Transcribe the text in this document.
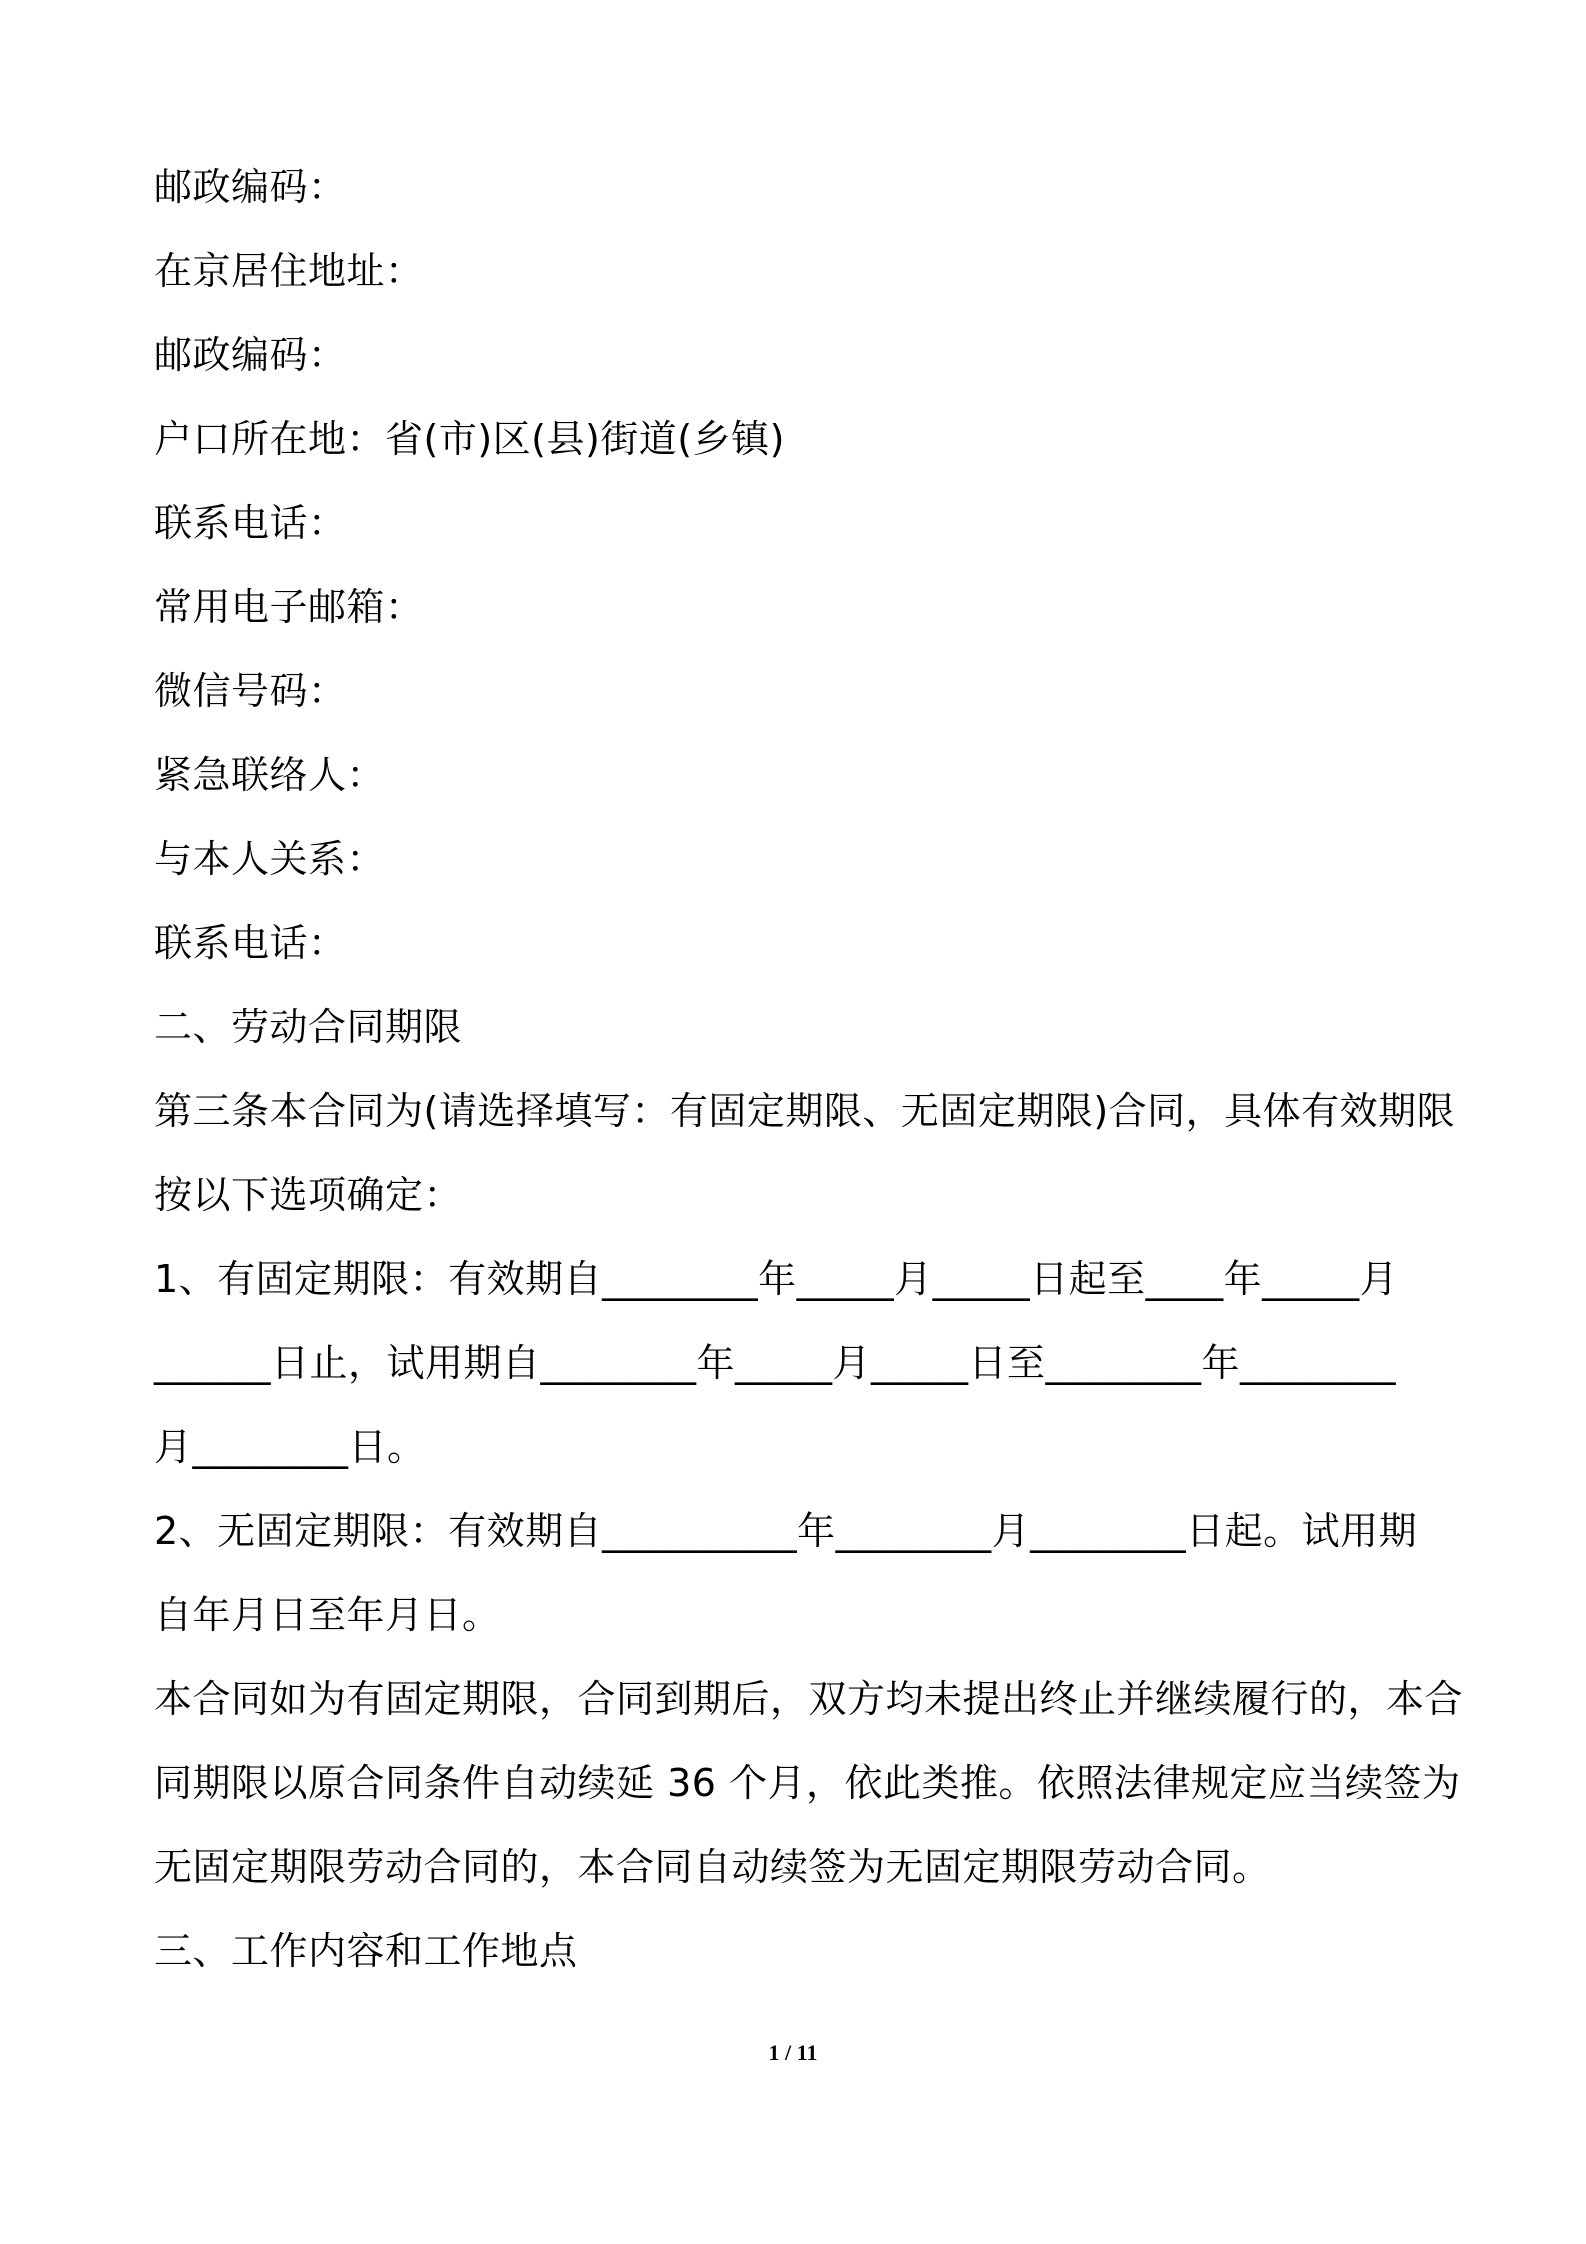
邮政编码：
在京居住地址：
邮政编码：
户口所在地：省(市)区(县)街道(乡镇)
联系电话：
常用电子邮箱：
微信号码：
紧急联络人：
与本人关系：
联系电话：
二、劳动合同期限
第三条本合同为(请选择填写：有固定期限、无固定期限)合同，具体有效期限
按以下选项确定：
1、有固定期限：有效期自________年_____月_____日起至____年_____月
______日止，试用期自________年_____月_____日至________年________
月________日。
2、无固定期限：有效期自__________年________月________日起。试用期
自年月日至年月日。
本合同如为有固定期限，合同到期后，双方均未提出终止并继续履行的，本合
同期限以原合同条件自动续延 36 个月，依此类推。依照法律规定应当续签为
无固定期限劳动合同的，本合同自动续签为无固定期限劳动合同。
三、工作内容和工作地点
1 / 11
